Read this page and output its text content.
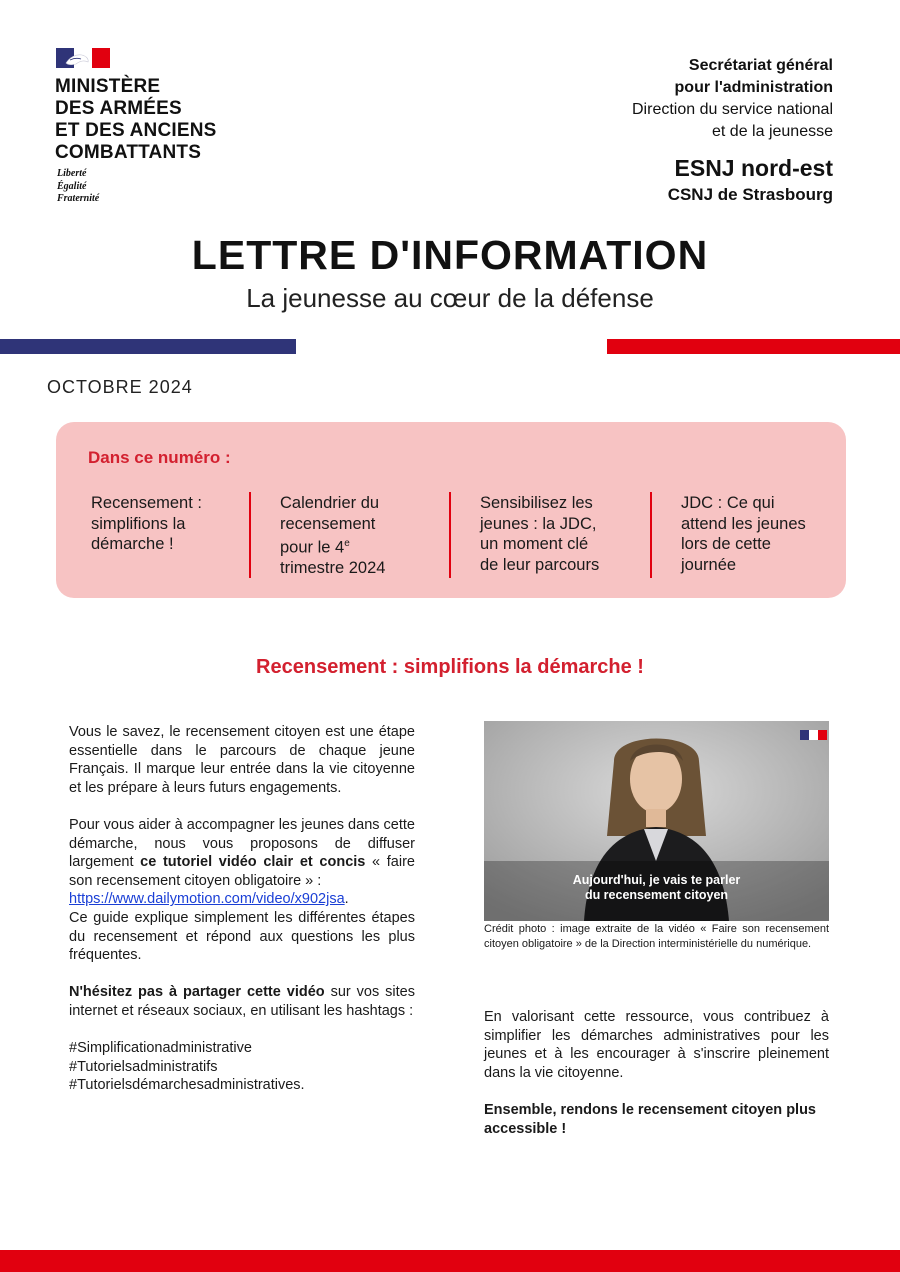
MINISTÈRE
DES ARMÉES
ET DES ANCIENS
COMBATTANTS
Liberté
Égalité
Fraternité
Secrétariat général
pour l'administration
Direction du service national
et de la jeunesse
ESNJ nord-est
CSNJ de Strasbourg
LETTRE D'INFORMATION
La jeunesse au cœur de la défense
OCTOBRE 2024
Dans ce numéro :
Recensement :
simplifions la
démarche !
Calendrier du
recensement
pour le 4e
trimestre 2024
Sensibilisez les
jeunes : la JDC,
un moment clé
de leur parcours
JDC : Ce qui
attend les jeunes
lors de cette
journée
Recensement : simplifions la démarche !

Vous le savez, le recensement citoyen est une étape essentielle dans le parcours de chaque jeune Français. Il marque leur entrée dans la vie citoyenne et les prépare à leurs futurs engagements.

Pour vous aider à accompagner les jeunes dans cette démarche, nous vous proposons de diffuser largement ce tutoriel vidéo clair et concis « faire son recensement citoyen obligatoire » :
https://www.dailymotion.com/video/x902jsa.
Ce guide explique simplement les différentes étapes du recensement et répond aux questions les plus fréquentes.

N'hésitez pas à partager cette vidéo sur vos sites internet et réseaux sociaux, en utilisant les hashtags :

#Simplificationadministrative
#Tutorielsadministratifs
#Tutorielsdémarchesadministratives.

Aujourd'hui, je vais te parler
du recensement citoyen
Crédit photo : image extraite de la vidéo « Faire son recensement citoyen obligatoire » de la Direction interministérielle du numérique.

En valorisant cette ressource, vous contribuez à simplifier les démarches administratives pour les jeunes et à les encourager à s'inscrire pleinement dans la vie citoyenne.

Ensemble, rendons le recensement citoyen plus accessible !
